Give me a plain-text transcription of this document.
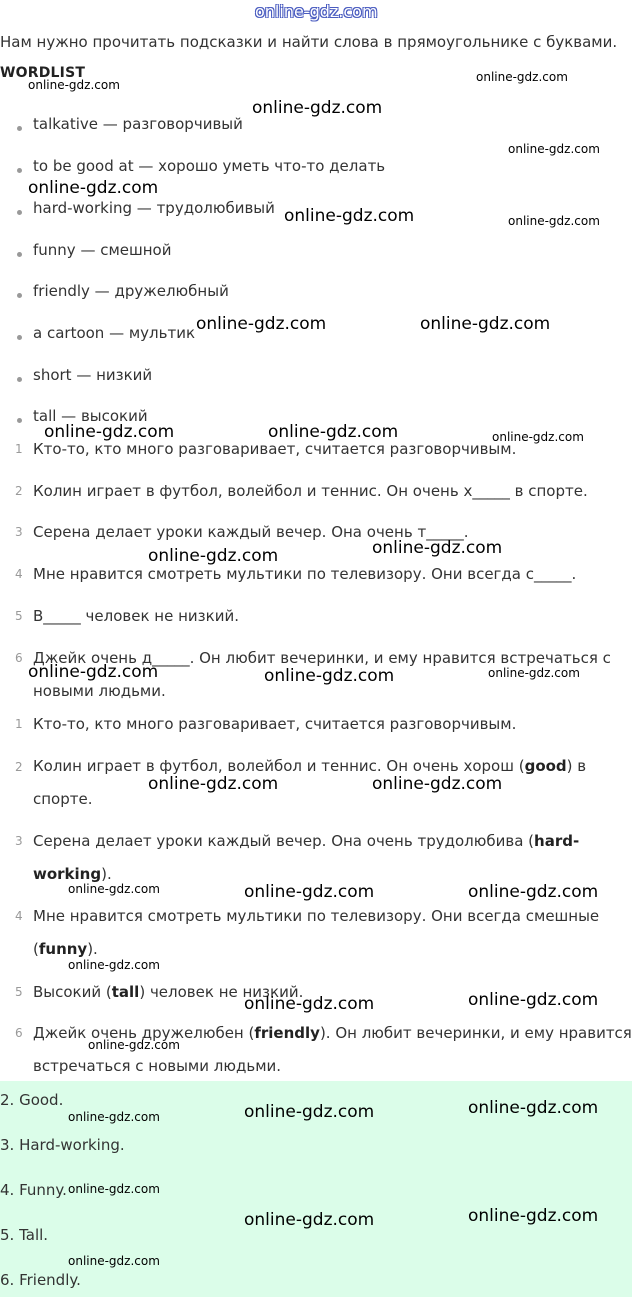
online-gdz.com
Нам нужно прочитать подсказки и найти слова в прямоугольнике с буквами.
WORDLIST
talkative — разговорчивый
to be good at — хорошо уметь что-то делать
hard-working — трудолюбивый
funny — смешной
friendly — дружелюбный
a cartoon — мультик
short — низкий
tall — высокий
1 Кто-то, кто много разговаривает, считается разговорчивым.
2 Колин играет в футбол, волейбол и теннис. Он очень х_____ в спорте.
3 Серена делает уроки каждый вечер. Она очень т_____.
4 Мне нравится смотреть мультики по телевизору. Они всегда с_____.
5 В_____ человек не низкий.
6 Джейк очень д_____. Он любит вечеринки, и ему нравится встречаться с
новыми людьми.
1 Кто-то, кто много разговаривает, считается разговорчивым.
2 Колин играет в футбол, волейбол и теннис. Он очень хорош (good) в
спорте.
3 Серена делает уроки каждый вечер. Она очень трудолюбива (hard-
working).
4 Мне нравится смотреть мультики по телевизору. Они всегда смешные
(funny).
5 Высокий (tall) человек не низкий.
6 Джейк очень дружелюбен (friendly). Он любит вечеринки, и ему нравится
встречаться с новыми людьми.
2. Good.
3. Hard-working.
4. Funny.
5. Tall.
6. Friendly.
online-gdz.com
online-gdz.com
online-gdz.com
online-gdz.com
online-gdz.com
online-gdz.com	online-gdz.com
online-gdz.com	online-gdz.com
online-gdz.com	online-gdz.com	online-gdz.com
online-gdz.com
online-gdz.com
online-gdz.com	online-gdz.com	online-gdz.com
online-gdz.com	online-gdz.com
online-gdz.com	online-gdz.com	online-gdz.com
online-gdz.com
online-gdz.com	online-gdz.com
online-gdz.com
online-gdz.com	online-gdz.com
online-gdz.com
online-gdz.com
online-gdz.com	online-gdz.com
online-gdz.com
